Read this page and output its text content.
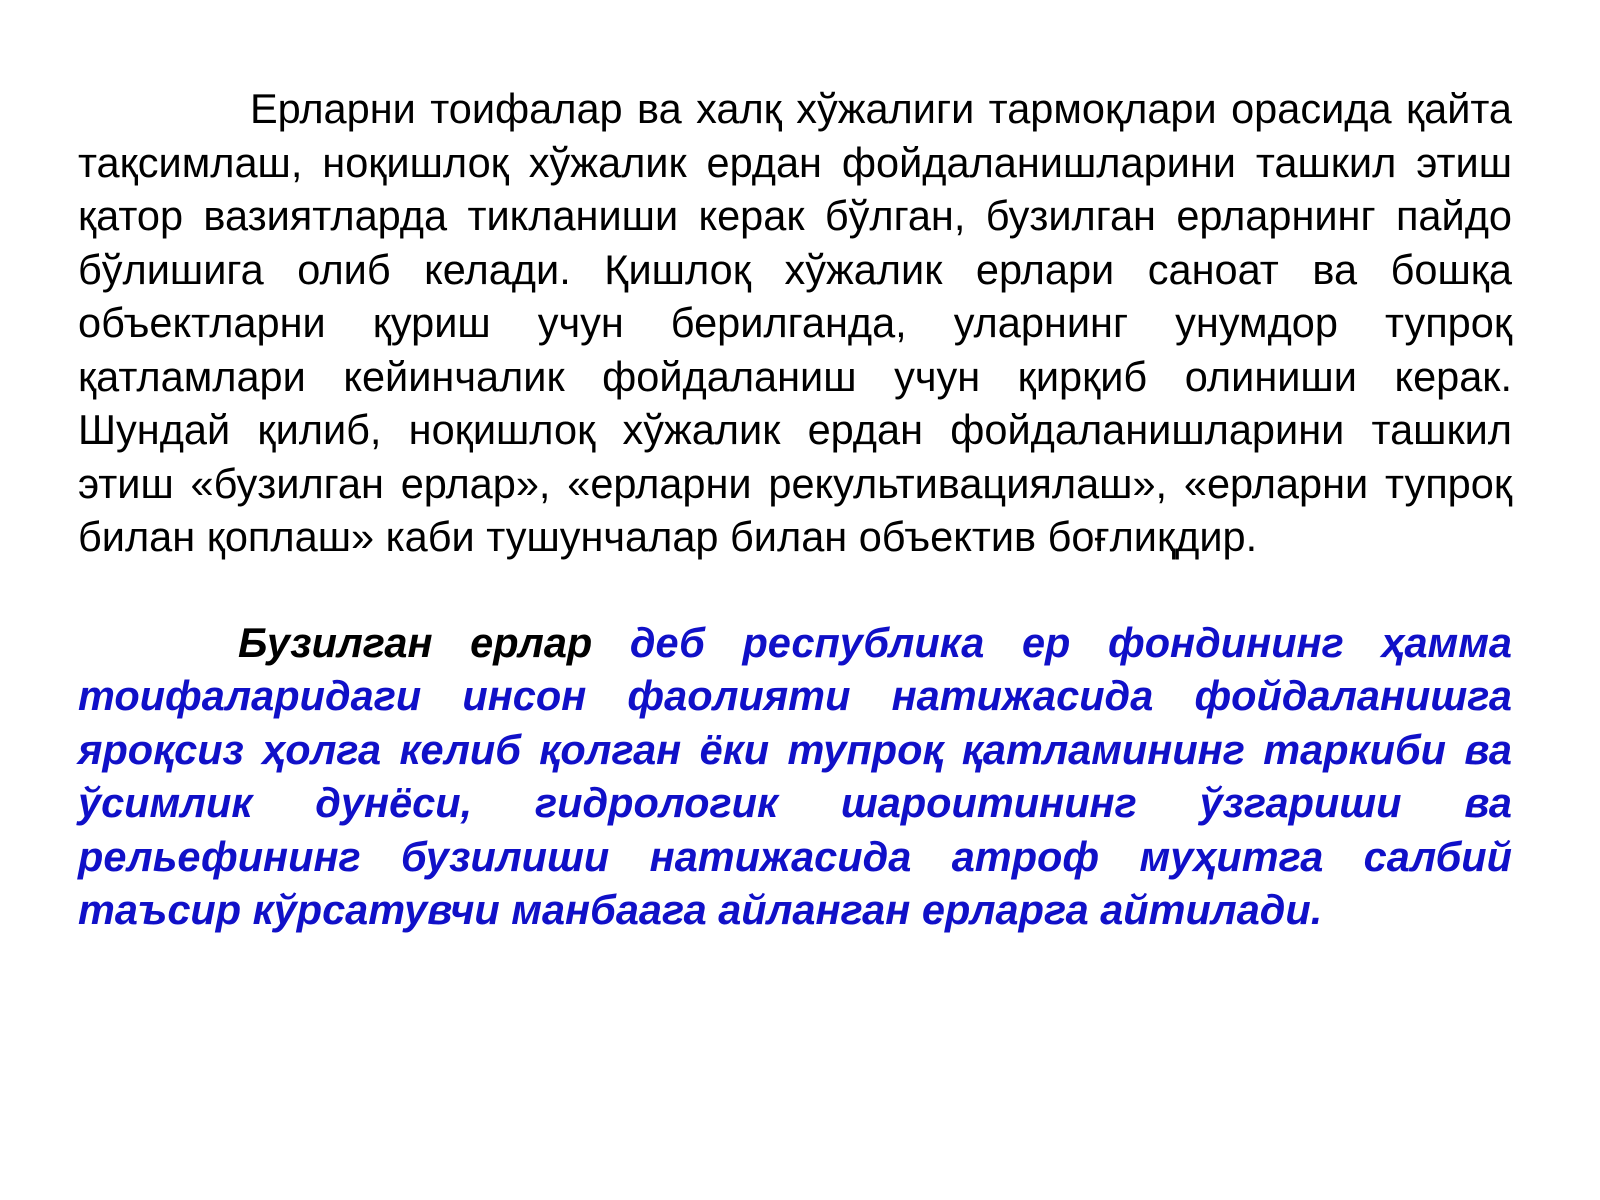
Ерларни тоифалар ва халқ хўжалиги тармоқлари орасида қайта тақсимлаш, ноқишлоқ хўжалик ердан фойдаланишларини ташкил этиш қатор вазиятларда тикланиши керак бўлган, бузилган ерларнинг пайдо бўлишига олиб келади. Қишлоқ хўжалик ерлари саноат ва бошқа объектларни қуриш учун берилганда, уларнинг унумдор тупроқ қатламлари кейинчалик фойдаланиш учун қирқиб олиниши керак. Шундай қилиб, ноқишлоқ хўжалик ердан фойдаланишларини ташкил этиш «бузилган ерлар», «ерларни рекультивациялаш», «ерларни тупроқ билан қоплаш» каби тушунчалар билан объектив боғлиқдир.

Бузилган ерлар деб республика ер фондининг ҳамма тоифаларидаги инсон фаолияти натижасида фойдаланишга яроқсиз ҳолга келиб қолган ёки тупроқ қатламининг таркиби ва ўсимлик дунёси, гидрологик шароитининг ўзгариши ва рельефининг бузилиши натижасида атроф муҳитга салбий таъсир кўрсатувчи манбаага айланган ерларга айтилади.
